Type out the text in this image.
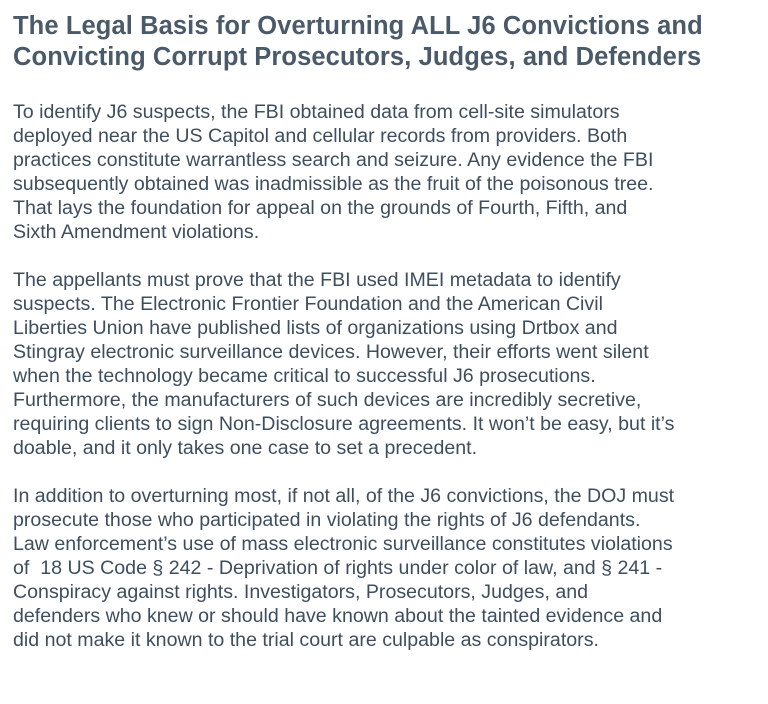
The Legal Basis for Overturning ALL J6 Convictions and
Convicting Corrupt Prosecutors, Judges, and Defenders

To identify J6 suspects, the FBI obtained data from cell-site simulators
deployed near the US Capitol and cellular records from providers. Both
practices constitute warrantless search and seizure. Any evidence the FBI
subsequently obtained was inadmissible as the fruit of the poisonous tree.
That lays the foundation for appeal on the grounds of Fourth, Fifth, and
Sixth Amendment violations.

The appellants must prove that the FBI used IMEI metadata to identify
suspects. The Electronic Frontier Foundation and the American Civil
Liberties Union have published lists of organizations using Drtbox and
Stingray electronic surveillance devices. However, their efforts went silent
when the technology became critical to successful J6 prosecutions.
Furthermore, the manufacturers of such devices are incredibly secretive,
requiring clients to sign Non-Disclosure agreements. It won’t be easy, but it’s
doable, and it only takes one case to set a precedent.

In addition to overturning most, if not all, of the J6 convictions, the DOJ must
prosecute those who participated in violating the rights of J6 defendants.
Law enforcement’s use of mass electronic surveillance constitutes violations
of  18 US Code § 242 - Deprivation of rights under color of law, and § 241 -
Conspiracy against rights. Investigators, Prosecutors, Judges, and
defenders who knew or should have known about the tainted evidence and
did not make it known to the trial court are culpable as conspirators.
